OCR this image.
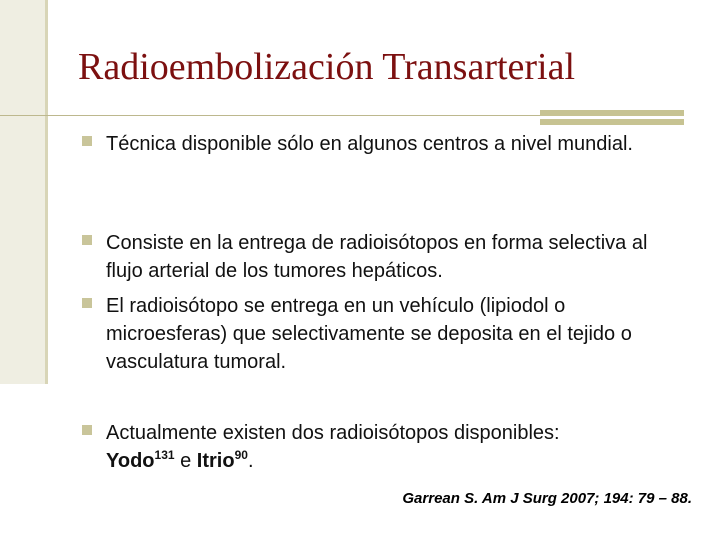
Radioembolización Transarterial
Técnica disponible sólo en algunos centros a nivel mundial.
Consiste en la entrega de radioisótopos en forma selectiva al flujo arterial de los tumores hepáticos.
El radioisótopo se entrega en un vehículo (lipiodol o microesferas) que selectivamente se deposita en el tejido o vasculatura tumoral.
Actualmente existen dos radioisótopos disponibles:
Yodo$^{131}$ e Itrio$^{90}$.
Garrean S. Am J Surg 2007; 194: 79 – 88.
